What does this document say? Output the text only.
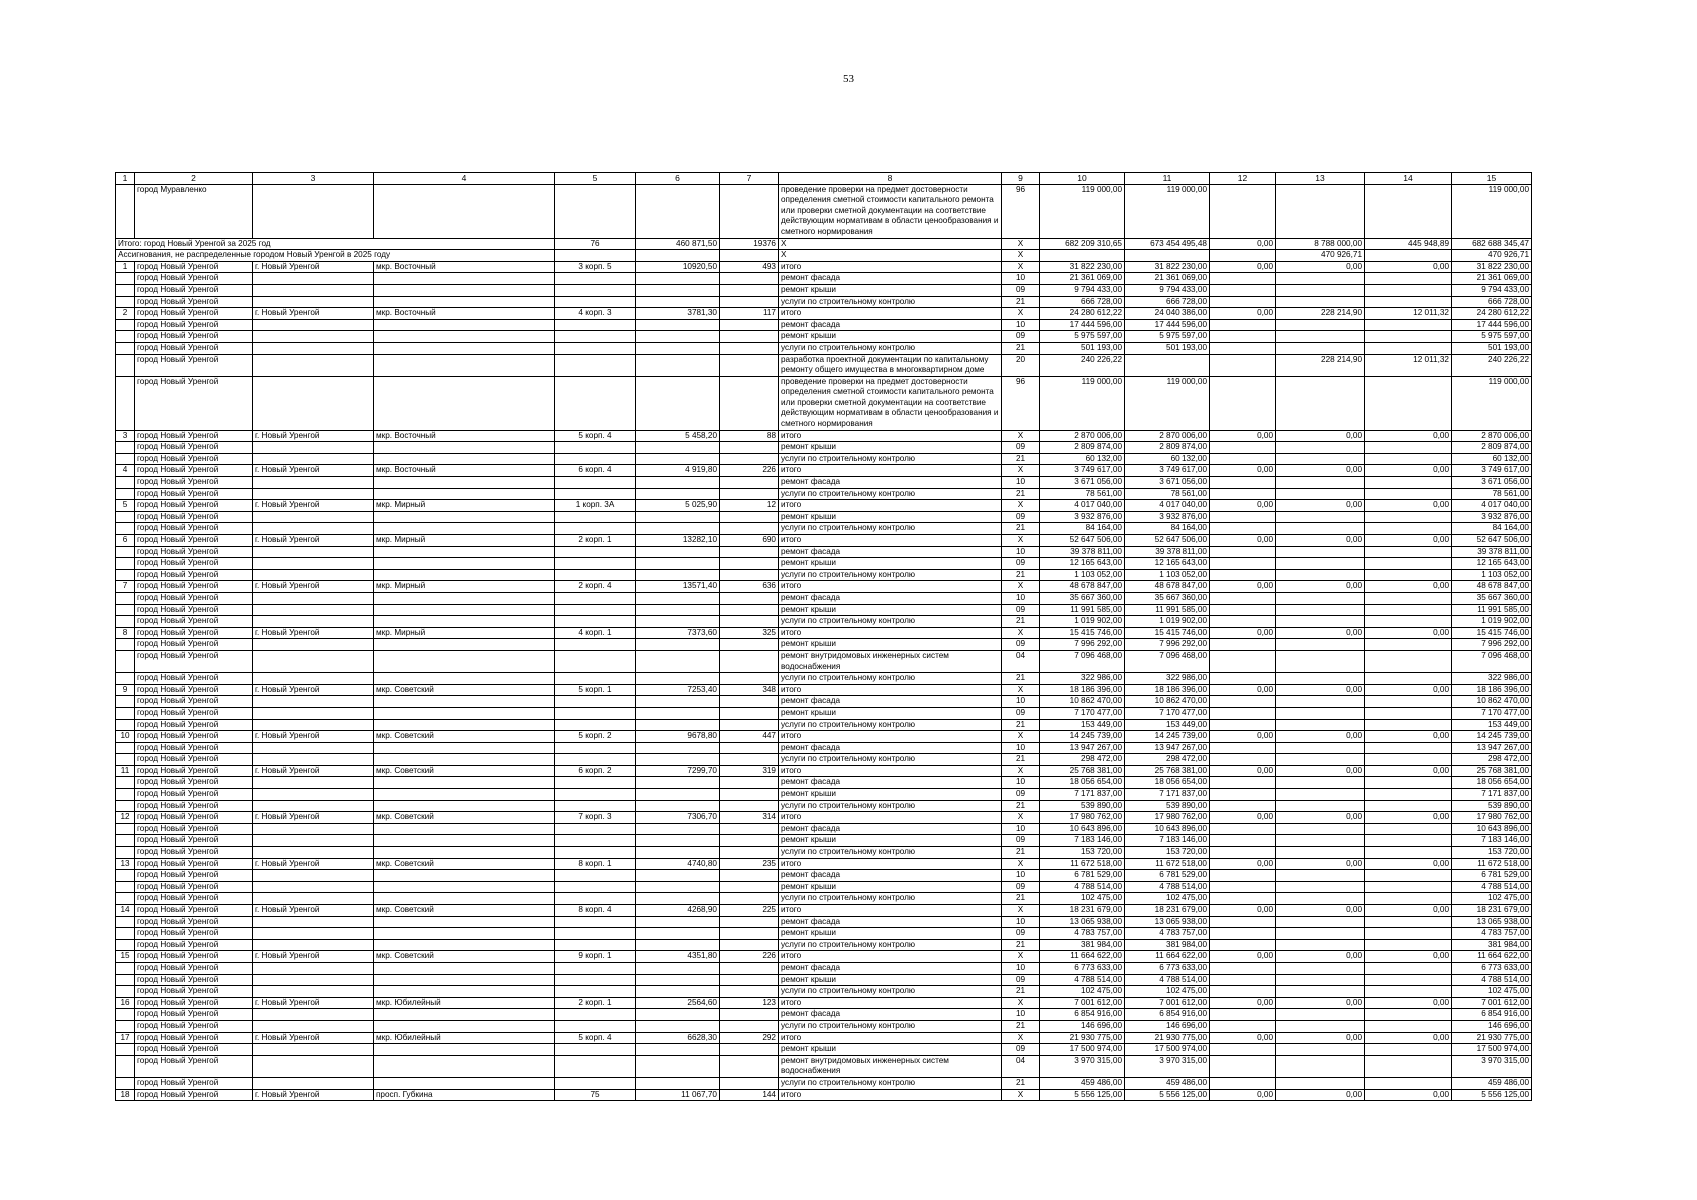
53
1	2	3	4	5	6	7	8	9	10	11	12	13	14	15
	город Муравленко						проведение проверки на предмет достоверности определения сметной стоимости капитального ремонта или проверки сметной документации на соответствие действующим нормативам в области ценообразования и сметного нормирования	96	119 000,00	119 000,00				119 000,00
Итого: город Новый Уренгой за 2025 год				76	460 871,50	19376	Х	Х	682 209 310,65	673 454 495,48	0,00	8 788 000,00	445 948,89	682 688 345,47
Ассигнования, не распределенные городом Новый Уренгой в 2025 году							Х	Х				470 926,71		470 926,71
1	город Новый Уренгой	г. Новый Уренгой	мкр. Восточный	3 корп. 5	10920,50	493	итого	Х	31 822 230,00	31 822 230,00	0,00	0,00	0,00	31 822 230,00
	город Новый Уренгой						ремонт фасада	10	21 361 069,00	21 361 069,00				21 361 069,00
	город Новый Уренгой						ремонт крыши	09	9 794 433,00	9 794 433,00				9 794 433,00
	город Новый Уренгой						услуги по строительному контролю	21	666 728,00	666 728,00				666 728,00
2	город Новый Уренгой	г. Новый Уренгой	мкр. Восточный	4 корп. 3	3781,30	117	итого	Х	24 280 612,22	24 040 386,00	0,00	228 214,90	12 011,32	24 280 612,22
	город Новый Уренгой						ремонт фасада	10	17 444 596,00	17 444 596,00				17 444 596,00
	город Новый Уренгой						ремонт крыши	09	5 975 597,00	5 975 597,00				5 975 597,00
	город Новый Уренгой						услуги по строительному контролю	21	501 193,00	501 193,00				501 193,00
	город Новый Уренгой						разработка проектной документации по капитальному ремонту общего имущества в многоквартирном доме	20	240 226,22			228 214,90	12 011,32	240 226,22
	город Новый Уренгой						проведение проверки на предмет достоверности определения сметной стоимости капитального ремонта или проверки сметной документации на соответствие действующим нормативам в области ценообразования и сметного нормирования	96	119 000,00	119 000,00				119 000,00
3	город Новый Уренгой	г. Новый Уренгой	мкр. Восточный	5 корп. 4	5 458,20	88	итого	Х	2 870 006,00	2 870 006,00	0,00	0,00	0,00	2 870 006,00
	город Новый Уренгой						ремонт крыши	09	2 809 874,00	2 809 874,00				2 809 874,00
	город Новый Уренгой						услуги по строительному контролю	21	60 132,00	60 132,00				60 132,00
4	город Новый Уренгой	г. Новый Уренгой	мкр. Восточный	6 корп. 4	4 919,80	226	итого	Х	3 749 617,00	3 749 617,00	0,00	0,00	0,00	3 749 617,00
	город Новый Уренгой						ремонт фасада	10	3 671 056,00	3 671 056,00				3 671 056,00
	город Новый Уренгой						услуги по строительному контролю	21	78 561,00	78 561,00				78 561,00
5	город Новый Уренгой	г. Новый Уренгой	мкр. Мирный	1 корп. 3А	5 025,90	12	итого	Х	4 017 040,00	4 017 040,00	0,00	0,00	0,00	4 017 040,00
	город Новый Уренгой						ремонт крыши	09	3 932 876,00	3 932 876,00				3 932 876,00
	город Новый Уренгой						услуги по строительному контролю	21	84 164,00	84 164,00				84 164,00
6	город Новый Уренгой	г. Новый Уренгой	мкр. Мирный	2 корп. 1	13282,10	690	итого	Х	52 647 506,00	52 647 506,00	0,00	0,00	0,00	52 647 506,00
	город Новый Уренгой						ремонт фасада	10	39 378 811,00	39 378 811,00				39 378 811,00
	город Новый Уренгой						ремонт крыши	09	12 165 643,00	12 165 643,00				12 165 643,00
	город Новый Уренгой						услуги по строительному контролю	21	1 103 052,00	1 103 052,00				1 103 052,00
7	город Новый Уренгой	г. Новый Уренгой	мкр. Мирный	2 корп. 4	13571,40	636	итого	Х	48 678 847,00	48 678 847,00	0,00	0,00	0,00	48 678 847,00
	город Новый Уренгой						ремонт фасада	10	35 667 360,00	35 667 360,00				35 667 360,00
	город Новый Уренгой						ремонт крыши	09	11 991 585,00	11 991 585,00				11 991 585,00
	город Новый Уренгой						услуги по строительному контролю	21	1 019 902,00	1 019 902,00				1 019 902,00
8	город Новый Уренгой	г. Новый Уренгой	мкр. Мирный	4 корп. 1	7373,60	325	итого	Х	15 415 746,00	15 415 746,00	0,00	0,00	0,00	15 415 746,00
	город Новый Уренгой						ремонт крыши	09	7 996 292,00	7 996 292,00				7 996 292,00
	город Новый Уренгой						ремонт внутридомовых инженерных систем водоснабжения	04	7 096 468,00	7 096 468,00				7 096 468,00
	город Новый Уренгой						услуги по строительному контролю	21	322 986,00	322 986,00				322 986,00
9	город Новый Уренгой	г. Новый Уренгой	мкр. Советский	5 корп. 1	7253,40	348	итого	Х	18 186 396,00	18 186 396,00	0,00	0,00	0,00	18 186 396,00
	город Новый Уренгой						ремонт фасада	10	10 862 470,00	10 862 470,00				10 862 470,00
	город Новый Уренгой						ремонт крыши	09	7 170 477,00	7 170 477,00				7 170 477,00
	город Новый Уренгой						услуги по строительному контролю	21	153 449,00	153 449,00				153 449,00
10	город Новый Уренгой	г. Новый Уренгой	мкр. Советский	5 корп. 2	9678,80	447	итого	Х	14 245 739,00	14 245 739,00	0,00	0,00	0,00	14 245 739,00
	город Новый Уренгой						ремонт фасада	10	13 947 267,00	13 947 267,00				13 947 267,00
	город Новый Уренгой						услуги по строительному контролю	21	298 472,00	298 472,00				298 472,00
11	город Новый Уренгой	г. Новый Уренгой	мкр. Советский	6 корп. 2	7299,70	319	итого	Х	25 768 381,00	25 768 381,00	0,00	0,00	0,00	25 768 381,00
	город Новый Уренгой						ремонт фасада	10	18 056 654,00	18 056 654,00				18 056 654,00
	город Новый Уренгой						ремонт крыши	09	7 171 837,00	7 171 837,00				7 171 837,00
	город Новый Уренгой						услуги по строительному контролю	21	539 890,00	539 890,00				539 890,00
12	город Новый Уренгой	г. Новый Уренгой	мкр. Советский	7 корп. 3	7306,70	314	итого	Х	17 980 762,00	17 980 762,00	0,00	0,00	0,00	17 980 762,00
	город Новый Уренгой						ремонт фасада	10	10 643 896,00	10 643 896,00				10 643 896,00
	город Новый Уренгой						ремонт крыши	09	7 183 146,00	7 183 146,00				7 183 146,00
	город Новый Уренгой						услуги по строительному контролю	21	153 720,00	153 720,00				153 720,00
13	город Новый Уренгой	г. Новый Уренгой	мкр. Советский	8 корп. 1	4740,80	235	итого	Х	11 672 518,00	11 672 518,00	0,00	0,00	0,00	11 672 518,00
	город Новый Уренгой						ремонт фасада	10	6 781 529,00	6 781 529,00				6 781 529,00
	город Новый Уренгой						ремонт крыши	09	4 788 514,00	4 788 514,00				4 788 514,00
	город Новый Уренгой						услуги по строительному контролю	21	102 475,00	102 475,00				102 475,00
14	город Новый Уренгой	г. Новый Уренгой	мкр. Советский	8 корп. 4	4268,90	225	итого	Х	18 231 679,00	18 231 679,00	0,00	0,00	0,00	18 231 679,00
	город Новый Уренгой						ремонт фасада	10	13 065 938,00	13 065 938,00				13 065 938,00
	город Новый Уренгой						ремонт крыши	09	4 783 757,00	4 783 757,00				4 783 757,00
	город Новый Уренгой						услуги по строительному контролю	21	381 984,00	381 984,00				381 984,00
15	город Новый Уренгой	г. Новый Уренгой	мкр. Советский	9 корп. 1	4351,80	226	итого	Х	11 664 622,00	11 664 622,00	0,00	0,00	0,00	11 664 622,00
	город Новый Уренгой						ремонт фасада	10	6 773 633,00	6 773 633,00				6 773 633,00
	город Новый Уренгой						ремонт крыши	09	4 788 514,00	4 788 514,00				4 788 514,00
	город Новый Уренгой						услуги по строительному контролю	21	102 475,00	102 475,00				102 475,00
16	город Новый Уренгой	г. Новый Уренгой	мкр. Юбилейный	2 корп. 1	2564,60	123	итого	Х	7 001 612,00	7 001 612,00	0,00	0,00	0,00	7 001 612,00
	город Новый Уренгой						ремонт фасада	10	6 854 916,00	6 854 916,00				6 854 916,00
	город Новый Уренгой						услуги по строительному контролю	21	146 696,00	146 696,00				146 696,00
17	город Новый Уренгой	г. Новый Уренгой	мкр. Юбилейный	5 корп. 4	6628,30	292	итого	Х	21 930 775,00	21 930 775,00	0,00	0,00	0,00	21 930 775,00
	город Новый Уренгой						ремонт крыши	09	17 500 974,00	17 500 974,00				17 500 974,00
	город Новый Уренгой						ремонт внутридомовых инженерных систем водоснабжения	04	3 970 315,00	3 970 315,00				3 970 315,00
	город Новый Уренгой						услуги по строительному контролю	21	459 486,00	459 486,00				459 486,00
18	город Новый Уренгой	г. Новый Уренгой	просп. Губкина	75	11 067,70	144	итого	Х	5 556 125,00	5 556 125,00	0,00	0,00	0,00	5 556 125,00
